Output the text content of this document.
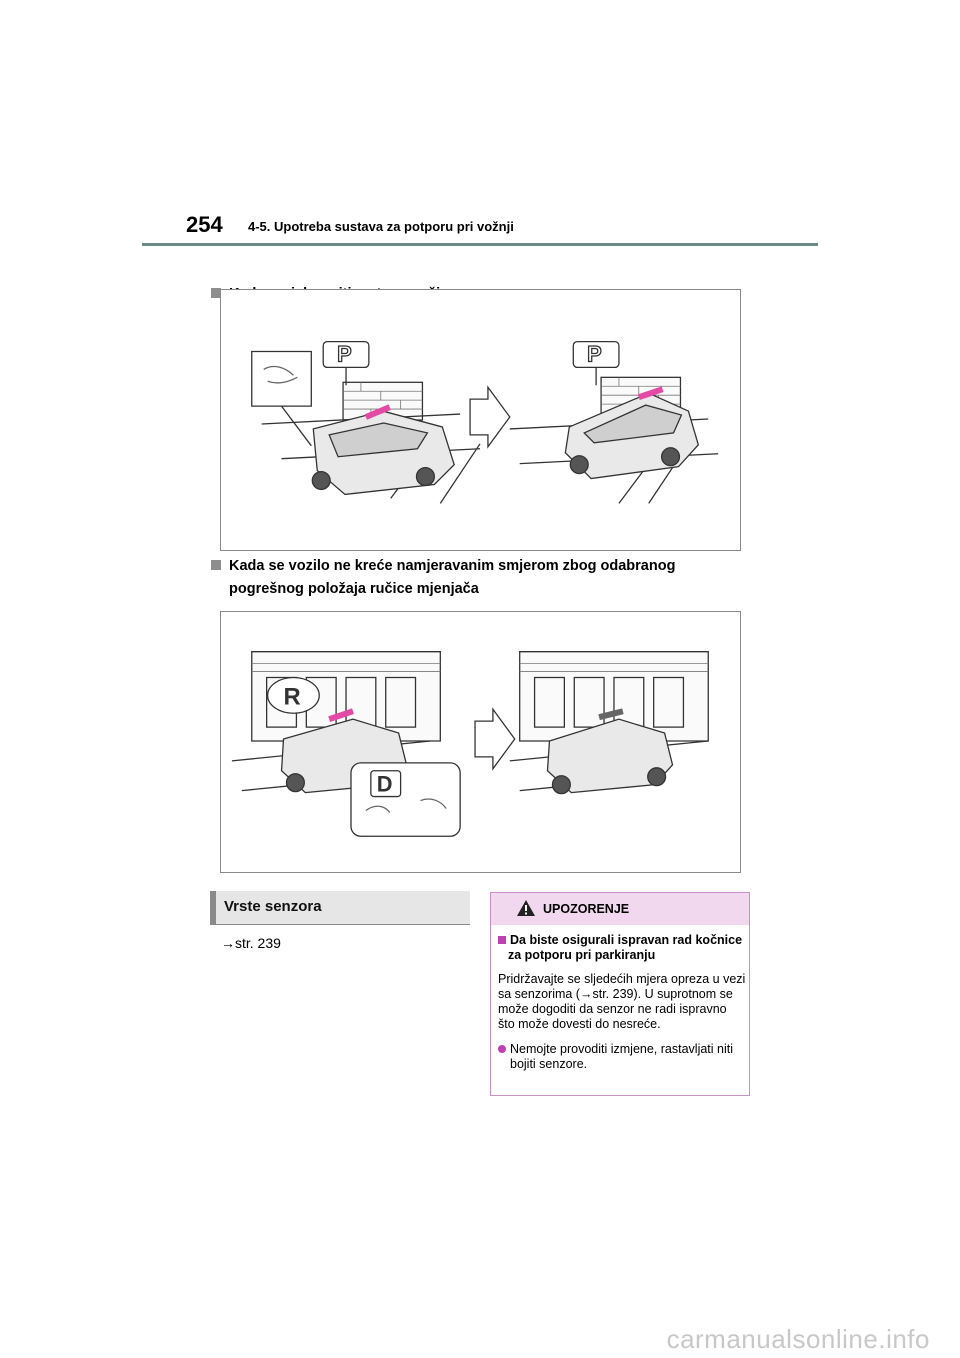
254 4-5. Upotreba sustava za potporu pri vožnji
P	P
Kada se vozilo ne kreće namjeravanim smjerom zbog odabranog
pogrešnog položaja ručice mjenjača
R
D
Vrste senzora
→str. 239
UPOZORENJE
Da biste osigurali ispravan rad kočnice za potporu pri parkiranju
Pridržavajte se sljedećih mjera opreza u vezi sa senzorima (→str. 239). U suprotnom se može dogoditi da senzor ne radi ispravno što može dovesti do nesreće.
Nemojte provoditi izmjene, rastavljati niti bojiti senzore.
carmanualsonline.info
